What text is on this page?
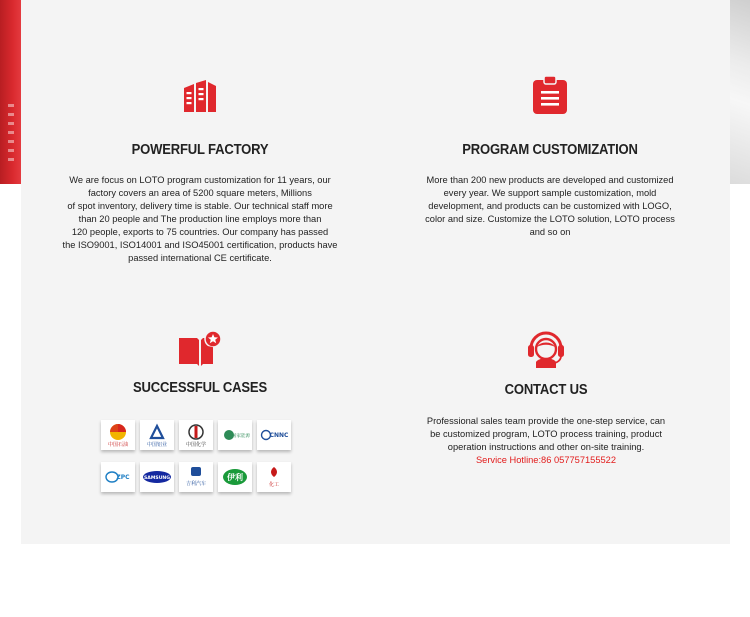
POWERFUL FACTORY

We are focus on LOTO program customization for 11 years, our
factory covers an area of 5200 square meters, Millions
of spot inventory, delivery time is stable. Our technical staff more
than 20 people and The production line employs more than
120 people, exports to 75 countries. Our company has passed
the ISO9001, ISO14001 and ISO45001 certification, products have
passed international CE certificate.

PROGRAM CUSTOMIZATION

More than 200 new products are developed and customized
every year. We support sample customization, mold
development, and products can be customized with LOGO,
color and size. Customize the LOTO solution, LOTO process
and so on

SUCCESSFUL CASES

中国石油	中国铝业	中国化学
国家能源	CNNC
ZPC	SAMSUNG
吉利汽车
伊利
化工

CONTACT US

Professional sales team provide the one-step service, can
be customized program, LOTO process training, product
operation instructions and other on-site training.
Service Hotline:86 057757155522
